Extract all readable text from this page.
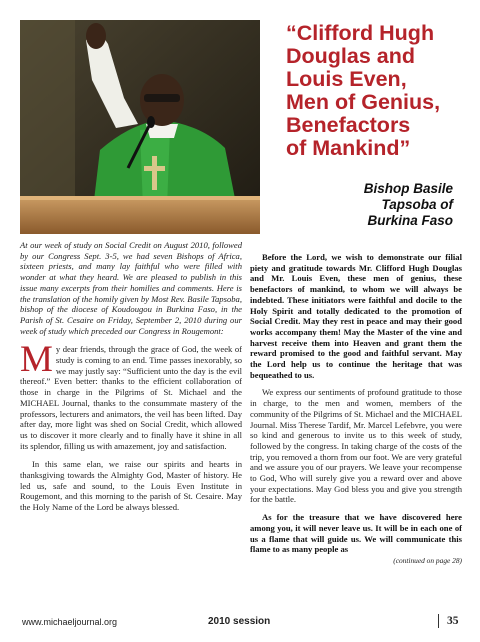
“Clifford Hugh
Douglas and
Louis Even,
Men of Genius,
Benefactors
of Mankind”
Bishop Basile
Tapsoba of
Burkina Faso

At our week of study on Social Credit on August 2010, followed by our Congress Sept. 3-5, we had seven Bishops of Africa, sixteen priests, and many lay faithful who were filled with wonder at what they heard. We are pleased to publish in this issue many excerpts from their homilies and comments. Here is the translation of the homily given by Most Rev. Basile Tapsoba, bishop of the diocese of Koudougou in Burkina Faso, in the Parish of St. Cesaire on Friday, September 2, 2010 during our week of study which preceded our Congress in Rougemont:

My dear friends, through the grace of God, the week of study is coming to an end. Time passes inexorably, so we may justly say: “Sufficient unto the day is the evil thereof.” Even better: thanks to the efficient collaboration of those in charge in the Pilgrims of St. Michael and the MICHAEL Journal, thanks to the consummate mastery of the professors, lecturers and animators, the veil has been lifted. Day after day, more light was shed on Social Credit, which allowed us to discover it more clearly and to finally have it shine in all its splendor, filling us with amazement, joy and satisfaction.

In this same elan, we raise our spirits and hearts in thanksgiving towards the Almighty God, Master of history. He led us, safe and sound, to the Louis Even Institute in Rougemont, and this morning to the parish of St. Cesaire. May the Holy Name of the Lord be always blessed.

Before the Lord, we wish to demonstrate our filial piety and gratitude towards Mr. Clifford Hugh Douglas and Mr. Louis Even, these men of genius, these benefactors of mankind, to whom we will always be indebted. These initiators were faithful and docile to the Holy Spirit and totally dedicated to the promotion of Social Credit. May they rest in peace and may their good works accompany them! May the Master of the vine and harvest receive them into Heaven and grant them the reward promised to the good and faithful servant. May the Lord help us to continue the heritage that was bequeathed to us.

We express our sentiments of profound gratitude to those in charge, to the men and women, members of the community of the Pilgrims of St. Michael and the MICHAEL Journal. Miss Therese Tardif, Mr. Marcel Lefebvre, you were so kind and generous to invite us to this week of study, followed by the congress. In taking charge of the costs of the trip, you removed a thorn from our foot. We are very grateful and we assure you of our prayers. We leave your recompense to God, Who will surely give you a reward over and above your expectations. May God bless you and give you strength for the battle.

As for the treasure that we have discovered here among you, it will never leave us. It will be in each one of us a flame that will guide us. We will communicate this flame to as many people as

(continued on page 28)

www.michaeljournal.org	2010 session	35
